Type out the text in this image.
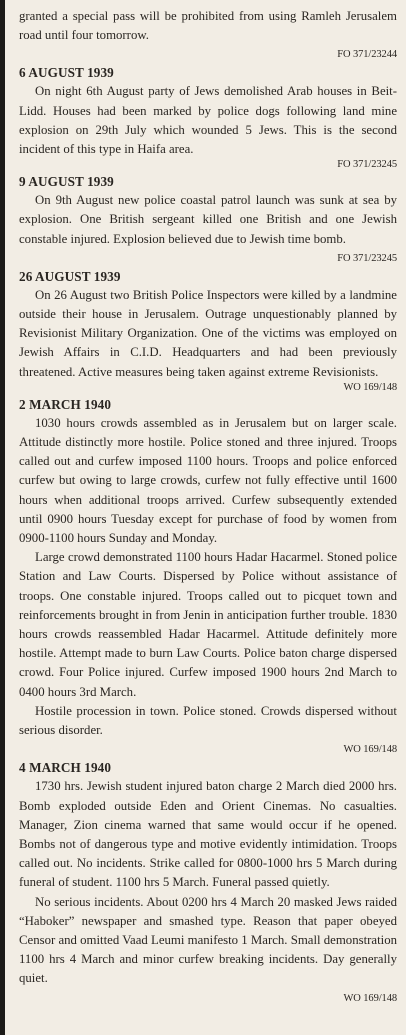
granted a special pass will be prohibited from using Ramleh Jerusalem road until four tomorrow.

FO 371/23244
6 AUGUST 1939

On night 6th August party of Jews demolished Arab houses in Beit-Lidd. Houses had been marked by police dogs following land mine explosion on 29th July which wounded 5 Jews. This is the second incident of this type in Haifa area.

FO 371/23245
9 AUGUST 1939

On 9th August new police coastal patrol launch was sunk at sea by explosion. One British sergeant killed one British and one Jewish constable injured. Explosion believed due to Jewish time bomb.

FO 371/23245
26 AUGUST 1939

On 26 August two British Police Inspectors were killed by a landmine outside their house in Jerusalem. Outrage unquestionably planned by Revisionist Military Organization. One of the victims was employed on Jewish Affairs in C.I.D. Headquarters and had been previously threatened. Active measures being taken against extreme Revisionists.

WO 169/148
2 MARCH 1940

1030 hours crowds assembled as in Jerusalem but on larger scale. Attitude distinctly more hostile. Police stoned and three injured. Troops called out and curfew imposed 1100 hours. Troops and police enforced curfew but owing to large crowds, curfew not fully effective until 1600 hours when additional troops arrived. Curfew subsequently extended until 0900 hours Tuesday except for purchase of food by women from 0900-1100 hours Sunday and Monday.

Large crowd demonstrated 1100 hours Hadar Hacarmel. Stoned police Station and Law Courts. Dispersed by Police without assistance of troops. One constable injured. Troops called out to picquet town and reinforcements brought in from Jenin in anticipation further trouble. 1830 hours crowds reassembled Hadar Hacarmel. Attitude definitely more hostile. Attempt made to burn Law Courts. Police baton charge dispersed crowd. Four Police injured. Curfew imposed 1900 hours 2nd March to 0400 hours 3rd March.

Hostile procession in town. Police stoned. Crowds dispersed without serious disorder.

WO 169/148
4 MARCH 1940

1730 hrs. Jewish student injured baton charge 2 March died 2000 hrs. Bomb exploded outside Eden and Orient Cinemas. No casualties. Manager, Zion cinema warned that same would occur if he opened. Bombs not of dangerous type and motive evidently intimidation. Troops called out. No incidents. Strike called for 0800-1000 hrs 5 March during funeral of student. 1100 hrs 5 March. Funeral passed quietly.

No serious incidents. About 0200 hrs 4 March 20 masked Jews raided “Haboker” newspaper and smashed type. Reason that paper obeyed Censor and omitted Vaad Leumi manifesto 1 March. Small demonstration 1100 hrs 4 March and minor curfew breaking incidents. Day generally quiet.

WO 169/148
